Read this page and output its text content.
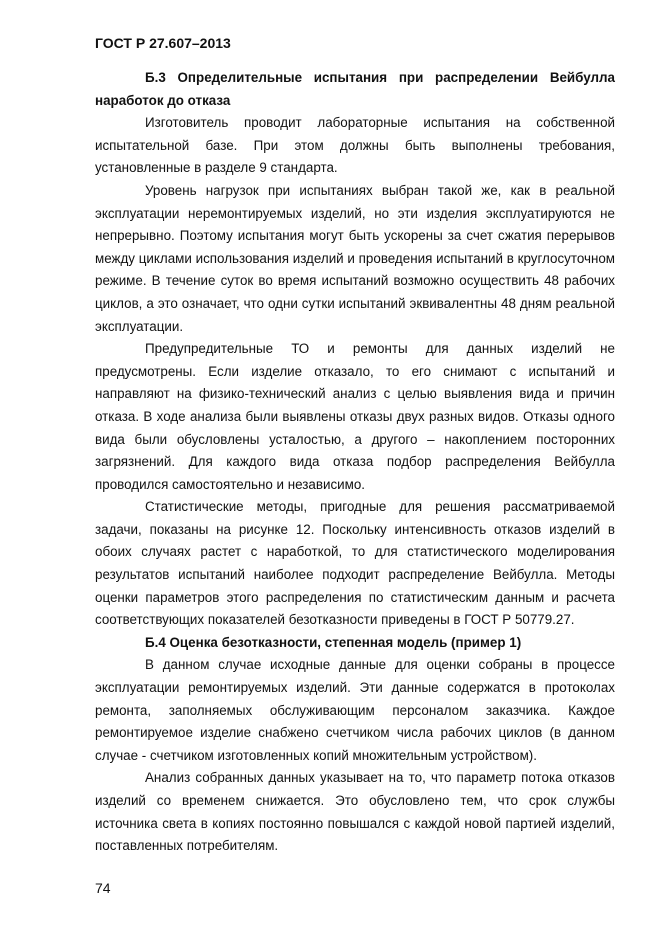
ГОСТ Р 27.607–2013

Б.3 Определительные испытания при распределении Вейбулла наработок до отказа

Изготовитель проводит лабораторные испытания на собственной испытательной базе. При этом должны быть выполнены требования, установленные в разделе 9 стандарта.

Уровень нагрузок при испытаниях выбран такой же, как в реальной эксплуатации неремонтируемых изделий, но эти изделия эксплуатируются не непрерывно. Поэтому испытания могут быть ускорены за счет сжатия перерывов между циклами использования изделий и проведения испытаний в круглосуточном режиме. В течение суток во время испытаний возможно осуществить 48 рабочих циклов, а это означает, что одни сутки испытаний эквивалентны 48 дням реальной эксплуатации.

Предупредительные ТО и ремонты для данных изделий не предусмотрены. Если изделие отказало, то его снимают с испытаний и направляют на физико-технический анализ с целью выявления вида и причин отказа. В ходе анализа были выявлены отказы двух разных видов. Отказы одного вида были обусловлены усталостью, а другого – накоплением посторонних загрязнений. Для каждого вида отказа подбор распределения Вейбулла проводился самостоятельно и независимо.

Статистические методы, пригодные для решения рассматриваемой задачи, показаны на рисунке 12. Поскольку интенсивность отказов изделий в обоих случаях растет с наработкой, то для статистического моделирования результатов испытаний наиболее подходит распределение Вейбулла. Методы оценки параметров этого распределения по статистическим данным и расчета соответствующих показателей безотказности приведены в ГОСТ Р 50779.27.

Б.4 Оценка безотказности, степенная модель (пример 1)

В данном случае исходные данные для оценки собраны в процессе эксплуатации ремонтируемых изделий. Эти данные содержатся в протоколах ремонта, заполняемых обслуживающим персоналом заказчика. Каждое ремонтируемое изделие снабжено счетчиком числа рабочих циклов (в данном случае - счетчиком изготовленных копий множительным устройством).

Анализ собранных данных указывает на то, что параметр потока отказов изделий со временем снижается. Это обусловлено тем, что срок службы источника света в копиях постоянно повышался с каждой новой партией изделий, поставленных потребителям.

74
